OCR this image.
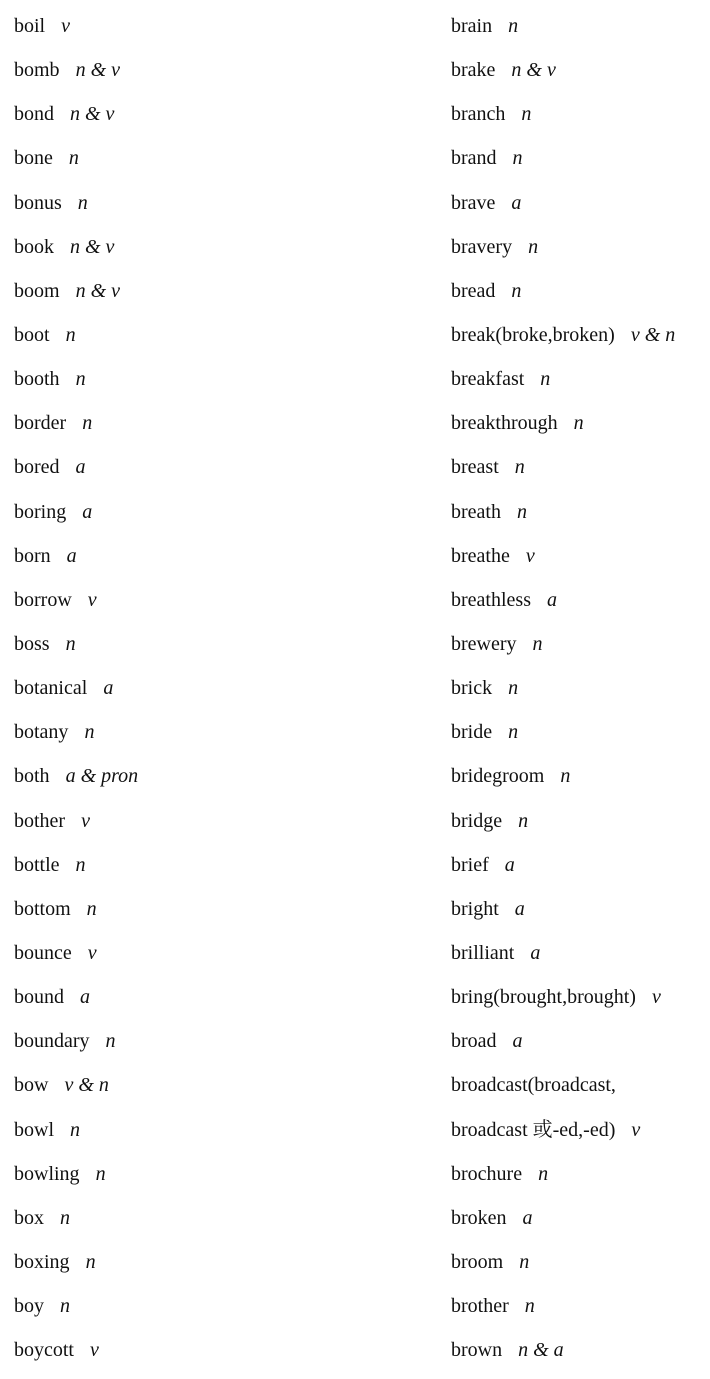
boil v
bomb n & v
bond n & v
bone n
bonus n
book n & v
boom n & v
boot n
booth n
border n
bored a
boring a
born a
borrow v
boss n
botanical a
botany n
both a & pron
bother v
bottle n
bottom n
bounce v
bound a
boundary n
bow v & n
bowl n
bowling n
box n
boxing n
boy n
boycott v
brain n
brake n & v
branch n
brand n
brave a
bravery n
bread n
break(broke,broken) v & n
breakfast n
breakthrough n
breast n
breath n
breathe v
breathless a
brewery n
brick n
bride n
bridegroom n
bridge n
brief a
bright a
brilliant a
bring(brought,brought) v
broad a
broadcast(broadcast,
broadcast 或-ed,-ed) v
brochure n
broken a
broom n
brother n
brown n & a
